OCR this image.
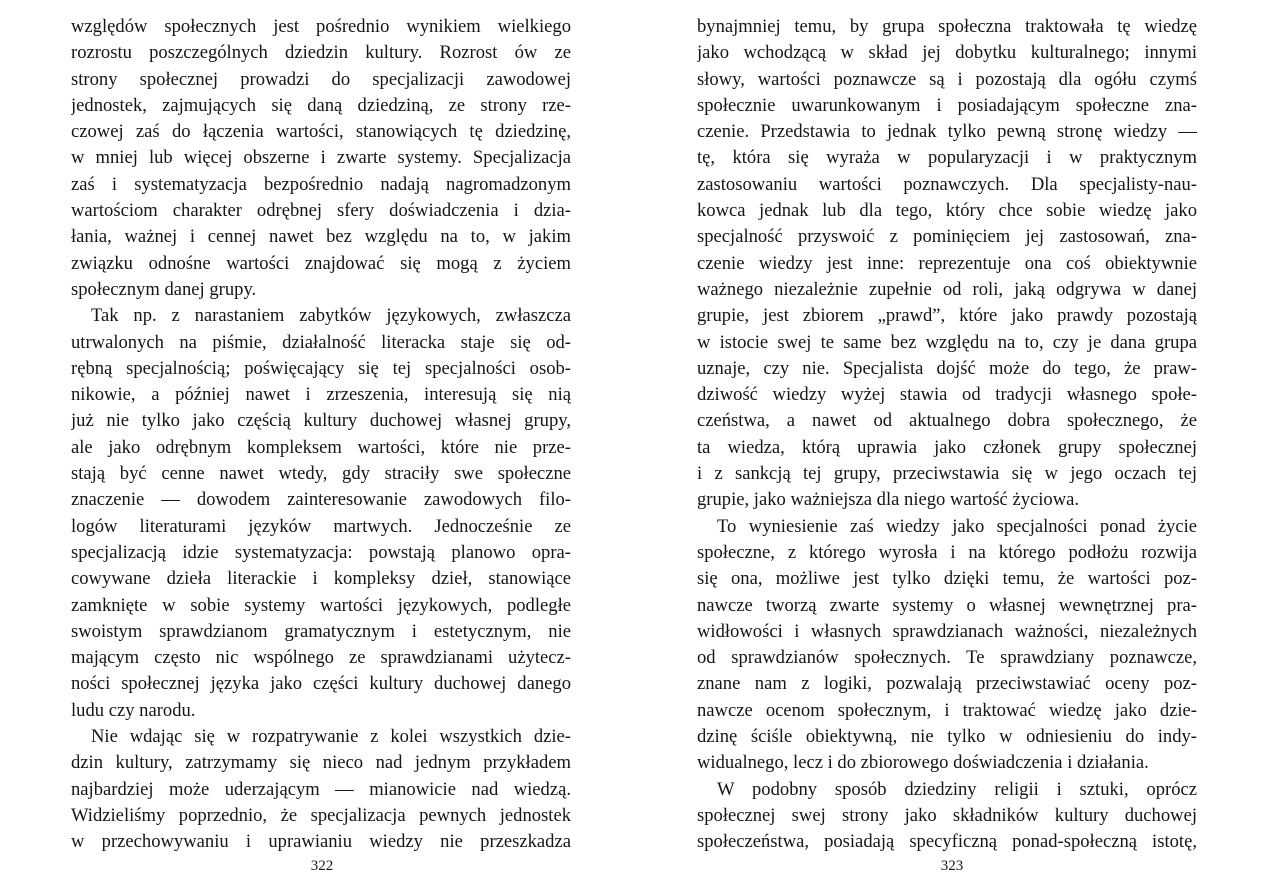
względów społecznych jest pośrednio wynikiem wielkiego
rozrostu poszczególnych dziedzin kultury. Rozrost ów ze
strony społecznej prowadzi do specjalizacji zawodowej
jednostek, zajmujących się daną dziedziną, ze strony rze-
czowej zaś do łączenia wartości, stanowiących tę dziedzinę,
w mniej lub więcej obszerne i zwarte systemy. Specjalizacja
zaś i systematyzacja bezpośrednio nadają nagromadzonym
wartościom charakter odrębnej sfery doświadczenia i dzia-
łania, ważnej i cennej nawet bez względu na to, w jakim
związku odnośne wartości znajdować się mogą z życiem
społecznym danej grupy.
Tak np. z narastaniem zabytków językowych, zwłaszcza
utrwalonych na piśmie, działalność literacka staje się od-
rębną specjalnością; poświęcający się tej specjalności osob-
nikowie, a później nawet i zrzeszenia, interesują się nią
już nie tylko jako częścią kultury duchowej własnej grupy,
ale jako odrębnym kompleksem wartości, które nie prze-
stają być cenne nawet wtedy, gdy straciły swe społeczne
znaczenie — dowodem zainteresowanie zawodowych filo-
logów literaturami języków martwych. Jednocześnie ze
specjalizacją idzie systematyzacja: powstają planowo opra-
cowywane dzieła literackie i kompleksy dzieł, stanowiące
zamknięte w sobie systemy wartości językowych, podległe
swoistym sprawdzianom gramatycznym i estetycznym, nie
mającym często nic wspólnego ze sprawdzianami użytecz-
ności społecznej języka jako części kultury duchowej danego
ludu czy narodu.
Nie wdając się w rozpatrywanie z kolei wszystkich dzie-
dzin kultury, zatrzymamy się nieco nad jednym przykładem
najbardziej może uderzającym — mianowicie nad wiedzą.
Widzieliśmy poprzednio, że specjalizacja pewnych jednostek
w przechowywaniu i uprawianiu wiedzy nie przeszkadza
bynajmniej temu, by grupa społeczna traktowała tę wiedzę
jako wchodzącą w skład jej dobytku kulturalnego; innymi
słowy, wartości poznawcze są i pozostają dla ogółu czymś
społecznie uwarunkowanym i posiadającym społeczne zna-
czenie. Przedstawia to jednak tylko pewną stronę wiedzy —
tę, która się wyraża w popularyzacji i w praktycznym
zastosowaniu wartości poznawczych. Dla specjalisty-nau-
kowca jednak lub dla tego, który chce sobie wiedzę jako
specjalność przyswoić z pominięciem jej zastosowań, zna-
czenie wiedzy jest inne: reprezentuje ona coś obiektywnie
ważnego niezależnie zupełnie od roli, jaką odgrywa w danej
grupie, jest zbiorem „prawd”, które jako prawdy pozostają
w istocie swej te same bez względu na to, czy je dana grupa
uznaje, czy nie. Specjalista dojść może do tego, że praw-
dziwość wiedzy wyżej stawia od tradycji własnego społe-
czeństwa, a nawet od aktualnego dobra społecznego, że
ta wiedza, którą uprawia jako członek grupy społecznej
i z sankcją tej grupy, przeciwstawia się w jego oczach tej
grupie, jako ważniejsza dla niego wartość życiowa.
To wyniesienie zaś wiedzy jako specjalności ponad życie
społeczne, z którego wyrosła i na którego podłożu rozwija
się ona, możliwe jest tylko dzięki temu, że wartości poz-
nawcze tworzą zwarte systemy o własnej wewnętrznej pra-
widłowości i własnych sprawdzianach ważności, niezależnych
od sprawdzianów społecznych. Te sprawdziany poznawcze,
znane nam z logiki, pozwalają przeciwstawiać oceny poz-
nawcze ocenom społecznym, i traktować wiedzę jako dzie-
dzinę ściśle obiektywną, nie tylko w odniesieniu do indy-
widualnego, lecz i do zbiorowego doświadczenia i działania.
W podobny sposób dziedziny religii i sztuki, oprócz
społecznej swej strony jako składników kultury duchowej
społeczeństwa, posiadają specyficzną ponad-społeczną istotę,
322	323
